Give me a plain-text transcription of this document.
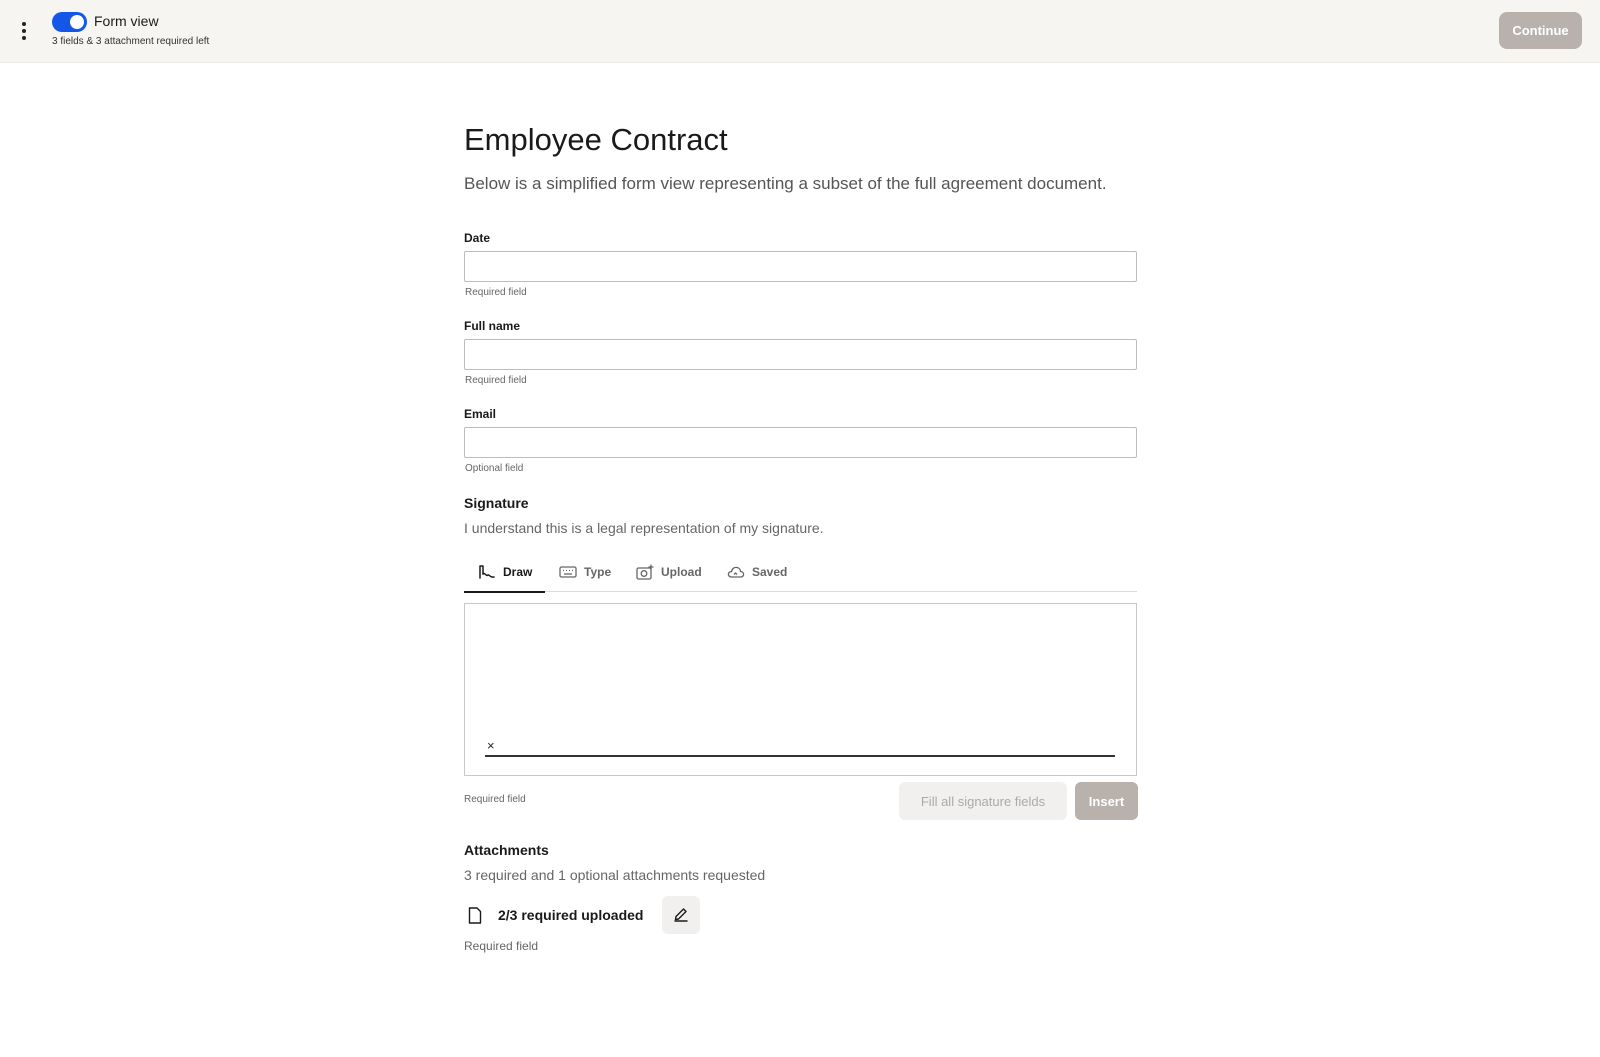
Form view
3 fields & 3 attachment required left
Continue
Employee Contract

Below is a simplified form view representing a subset of the full agreement document.

Date
Required field
Full name
Required field
Email
Optional field
Signature
I understand this is a legal representation of my signature.
Draw	Type	Upload	Saved
×
Required field	Fill all signature fields	Insert
Attachments
3 required and 1 optional attachments requested
2/3 required uploaded
Required field
